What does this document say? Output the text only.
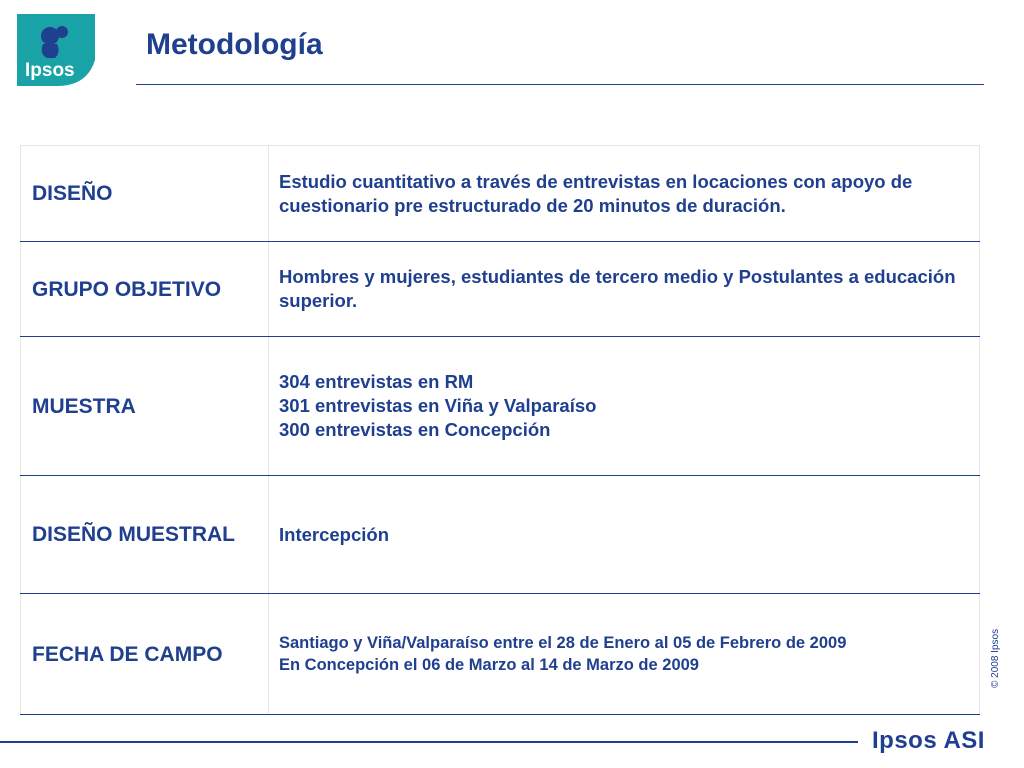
Ipsos
Metodología
DISEÑO	Estudio cuantitativo a través de entrevistas en locaciones con apoyo de cuestionario pre estructurado de 20 minutos de duración.

GRUPO OBJETIVO	Hombres y mujeres, estudiantes de tercero medio y Postulantes a educación superior.

MUESTRA	304 entrevistas en RM

301 entrevistas en Viña y Valparaíso

300 entrevistas en Concepción

DISEÑO MUESTRAL	Intercepción

FECHA DE CAMPO	Santiago y Viña/Valparaíso entre el 28 de Enero al 05 de Febrero de 2009

En Concepción el 06 de Marzo al 14 de Marzo de 2009	© 2008 Ipsos
Ipsos ASI
